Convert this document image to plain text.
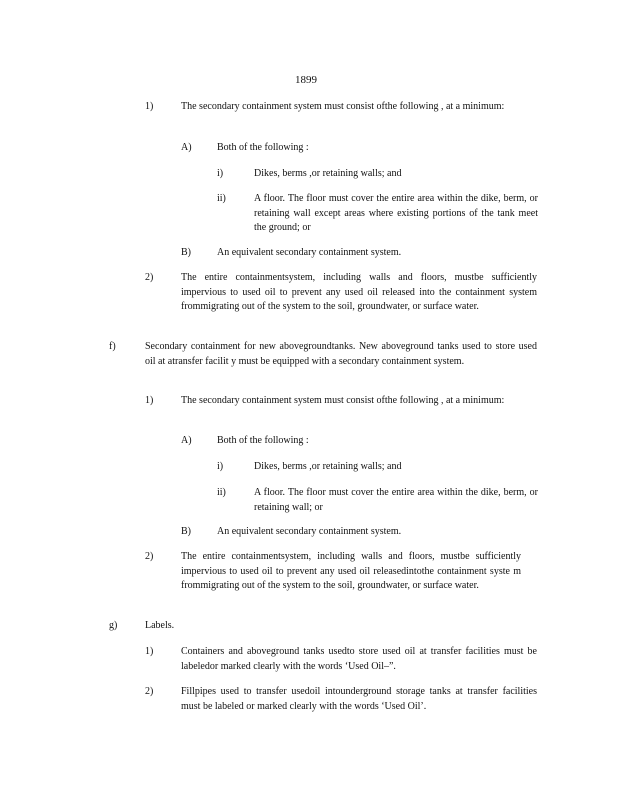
1899
1)	The secondary containment system must consist ofthe following , at a minimum:
A)	Both of the following :
i)	Dikes, berms ,or retaining walls; and
ii)	A floor. The floor must cover the entire area within the dike, berm, or retaining wall except areas where existing portions of the tank meet the ground; or
B)	An equivalent secondary containment system.
2)	The entire containmentsystem, including walls and floors, mustbe sufficiently impervious to used oil to prevent any used oil released into the containment system frommigrating out of the system to the soil, groundwater, or surface water.
f)	Secondary containment for new abovegroundtanks. New aboveground tanks used to store used oil at atransfer facilit y must be equipped with a secondary containment system.
1)	The secondary containment system must consist ofthe following , at a minimum:
A)	Both of the following :
i)	Dikes, berms ,or retaining walls; and
ii)	A floor. The floor must cover the entire area within the dike, berm, or retaining wall; or
B)	An equivalent secondary containment system.
2)	The entire containmentsystem, including walls and floors, mustbe sufficiently impervious to used oil to prevent any used oil releasedintothe containment syste m frommigrating out of the system to the soil, groundwater, or surface water.
g)	Labels.
1)	Containers and aboveground tanks usedto store used oil at transfer facilities must be labeledor marked clearly with the words ‘Used Oil–”.
2)	Fillpipes used to transfer usedoil intounderground storage tanks at transfer facilities must be labeled or marked clearly with the words ‘Used Oil’.
